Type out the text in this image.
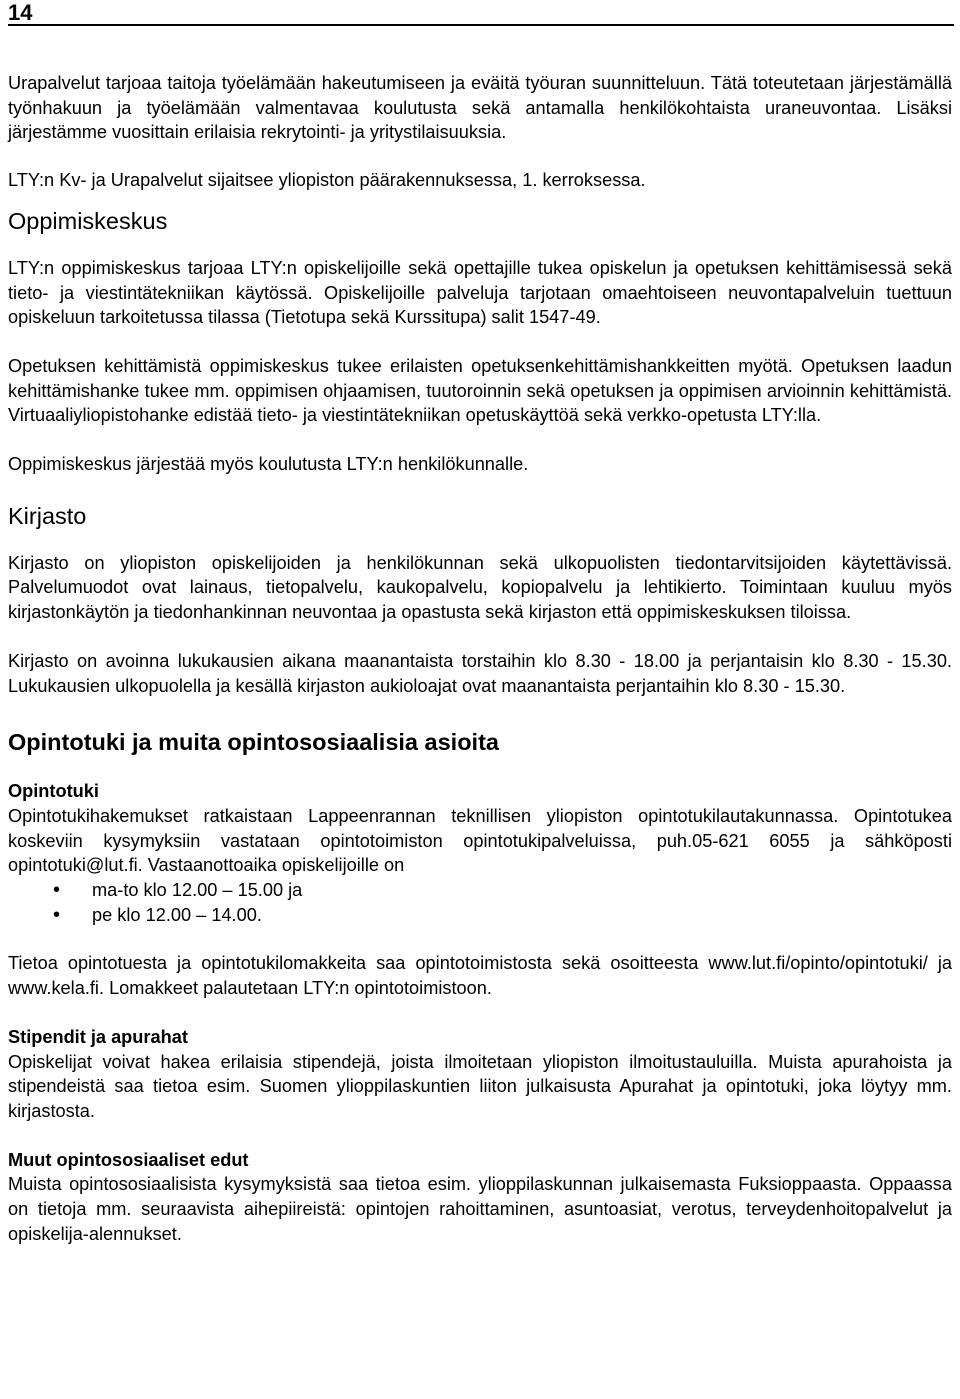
14

Urapalvelut tarjoaa taitoja työelämään hakeutumiseen ja eväitä työuran suunnitteluun. Tätä toteutetaan järjestämällä työnhakuun ja työelämään valmentavaa koulutusta sekä antamalla henkilökohtaista uraneuvontaa. Lisäksi järjestämme vuosittain erilaisia rekrytointi- ja yritystilaisuuksia.

LTY:n Kv- ja Urapalvelut sijaitsee yliopiston päärakennuksessa, 1. kerroksessa.

Oppimiskeskus

LTY:n oppimiskeskus tarjoaa LTY:n opiskelijoille sekä opettajille tukea opiskelun ja opetuksen kehittämisessä sekä tieto- ja viestintätekniikan käytössä. Opiskelijoille palveluja tarjotaan omaehtoiseen neuvontapalveluin tuettuun opiskeluun tarkoitetussa tilassa (Tietotupa sekä Kurssitupa) salit 1547-49.

Opetuksen kehittämistä oppimiskeskus tukee erilaisten opetuksenkehittämishankkeitten myötä. Opetuksen laadun kehittämishanke tukee mm. oppimisen ohjaamisen, tuutoroinnin sekä opetuksen ja oppimisen arvioinnin kehittämistä. Virtuaaliyliopistohanke edistää tieto- ja viestintätekniikan opetuskäyttöä sekä verkko-opetusta LTY:lla.

Oppimiskeskus järjestää myös koulutusta LTY:n henkilökunnalle.

Kirjasto

Kirjasto on yliopiston opiskelijoiden ja henkilökunnan sekä ulkopuolisten tiedontarvitsijoiden käytettävissä. Palvelumuodot ovat lainaus, tietopalvelu, kaukopalvelu, kopiopalvelu ja lehtikierto. Toimintaan kuuluu myös kirjastonkäytön ja tiedonhankinnan neuvontaa ja opastusta sekä kirjaston että oppimiskeskuksen tiloissa.

Kirjasto on avoinna lukukausien aikana maanantaista torstaihin klo 8.30 - 18.00 ja perjantaisin klo 8.30 - 15.30. Lukukausien ulkopuolella ja kesällä kirjaston aukioloajat ovat maanantaista perjantaihin klo 8.30 - 15.30.

Opintotuki ja muita opintososiaalisia asioita
Opintotuki

Opintotukihakemukset ratkaistaan Lappeenrannan teknillisen yliopiston opintotukilautakunnassa. Opintotukea koskeviin kysymyksiin vastataan opintotoimiston opintotukipalveluissa, puh.05-621 6055 ja sähköposti opintotuki@lut.fi. Vastaanottoaika opiskelijoille on

• ma-to klo 12.00 – 15.00 ja
• pe klo 12.00 – 14.00.

Tietoa opintotuesta ja opintotukilomakkeita saa opintotoimistosta sekä osoitteesta www.lut.fi/opinto/opintotuki/ ja www.kela.fi. Lomakkeet palautetaan LTY:n opintotoimistoon.

Stipendit ja apurahat

Opiskelijat voivat hakea erilaisia stipendejä, joista ilmoitetaan yliopiston ilmoitustauluilla. Muista apurahoista ja stipendeistä saa tietoa esim. Suomen ylioppilaskuntien liiton julkaisusta Apurahat ja opintotuki, joka löytyy mm. kirjastosta.

Muut opintososiaaliset edut

Muista opintososiaalisista kysymyksistä saa tietoa esim. ylioppilaskunnan julkaisemasta Fuksioppaasta. Oppaassa on tietoja mm. seuraavista aihepiireistä: opintojen rahoittaminen, asuntoasiat, verotus, terveydenhoitopalvelut ja opiskelija-alennukset.
